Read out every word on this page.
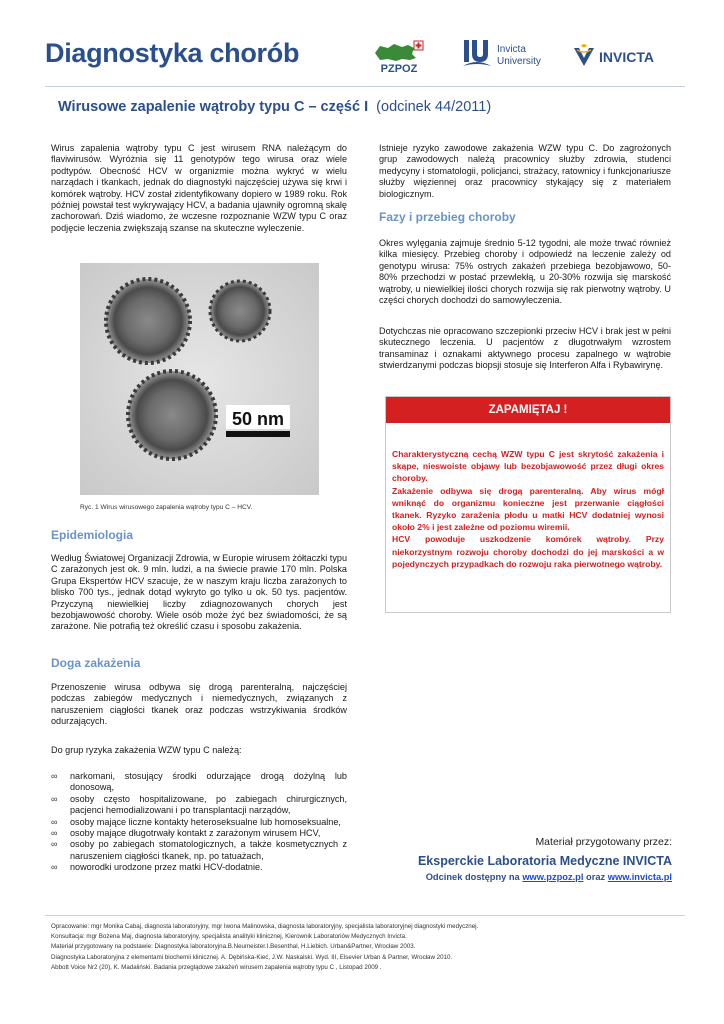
Diagnostyka chorób
PZPOZ
Invicta
University	INVICTA
Wirusowe zapalenie wątroby typu C – część I (odcinek 44/2011)
Wirus zapalenia wątroby typu C jest wirusem RNA należącym do flaviwirusów. Wyróżnia się 11 genotypów tego wirusa oraz wiele podtypów. Obecność HCV w organizmie można wykryć w wielu narządach i tkankach, jednak do diagnostyki najczęściej używa się krwi i komórek wątroby. HCV został zidentyfikowany dopiero w 1989 roku. Rok później powstał test wykrywający HCV, a badania ujawniły ogromną skalę zachorowań. Dziś wiadomo, że wczesne rozpoznanie WZW typu C oraz podjęcie leczenia zwiększają szanse na skuteczne wyleczenie.
50 nm
Ryc. 1 Wirus wirusowego zapalenia wątroby typu C – HCV.
Epidemiologia
Według Światowej Organizacji Zdrowia, w Europie wirusem żółtaczki typu C zarażonych jest ok. 9 mln. ludzi, a na świecie prawie 170 mln. Polska Grupa Ekspertów HCV szacuje, że w naszym kraju liczba zarażonych to blisko 700 tys., jednak dotąd wykryto go tylko u ok. 50 tys. pacjentów. Przyczyną niewielkiej liczby zdiagnozowanych chorych jest bezobjawowość choroby. Wiele osób może żyć bez świadomości, że są zarażone. Nie potrafią też określić czasu i sposobu zakażenia.
Doga zakażenia
Przenoszenie wirusa odbywa się drogą parenteralną, najczęściej podczas zabiegów medycznych i niemedycznych, związanych z naruszeniem ciągłości tkanek oraz podczas wstrzykiwania środków odurzających.
Do grup ryzyka zakażenia WZW typu C należą:
∞ narkomani, stosujący środki odurzające drogą dożylną lub donosową,
∞ osoby często hospitalizowane, po zabiegach chirurgicznych, pacjenci hemodializowani i po transplantacji narządów,
∞ osoby mające liczne kontakty heteroseksualne lub homoseksualne,
∞ osoby mające długotrwały kontakt z zarażonym wirusem HCV,
∞ osoby po zabiegach stomatologicznych, a także kosmetycznych z naruszeniem ciągłości tkanek, np. po tatuażach,
∞ noworodki urodzone przez matki HCV-dodatnie.
Istnieje ryzyko zawodowe zakażenia WZW typu C. Do zagrożonych grup zawodowych należą pracownicy służby zdrowia, studenci medycyny i stomatologii, policjanci, strażacy, ratownicy i funkcjonariusze służby więziennej oraz pracownicy stykający się z materiałem biologicznym.
Fazy i przebieg choroby
Okres wylęgania zajmuje średnio 5-12 tygodni, ale może trwać również kilka miesięcy. Przebieg choroby i odpowiedź na leczenie zależy od genotypu wirusa: 75% ostrych zakażeń przebiega bezobjawowo, 50-80% przechodzi w postać przewlekłą, u 20-30% rozwija się marskość wątroby, u niewielkiej ilości chorych rozwija się rak pierwotny wątroby. U części chorych dochodzi do samowyleczenia.
Dotychczas nie opracowano szczepionki przeciw HCV i brak jest w pełni skutecznego leczenia. U pacjentów z długotrwałym wzrostem transaminaz i oznakami aktywnego procesu zapalnego w wątrobie stwierdzanymi podczas biopsji stosuje się Interferon Alfa i Rybawirynę.
ZAPAMIĘTAJ !

Charakterystyczną cechą WZW typu C jest skrytość zakażenia i skąpe, nieswoiste objawy lub bezobjawowość przez długi okres choroby.

Zakażenie odbywa się drogą parenteralną. Aby wirus mógł wniknąć do organizmu konieczne jest przerwanie ciągłości tkanek. Ryzyko zarażenia płodu u matki HCV dodatniej wynosi około 2% i jest zależne od poziomu wiremii.

HCV powoduje uszkodzenie komórek wątroby. Przy niekorzystnym rozwoju choroby dochodzi do jej marskości a w pojedynczych przypadkach do rozwoju raka pierwotnego wątroby.

Materiał przygotowany przez:
Eksperckie Laboratoria Medyczne INVICTA
Odcinek dostępny na www.pzpoz.pl oraz www.invicta.pl
Opracowanie: mgr Monika Cabaj, diagnosta laboratoryjny, mgr Iwona Malinowska, diagnosta laboratoryjny, specjalista laboratoryjnej diagnostyki medycznej.
Konsultacja: mgr Bożena Maj, diagnosta laboratoryjny, specjalista analityki klinicznej, Kierownik Laboratoriów Medycznych Invicta.
Materiał przygotowany na podstawie: Diagnostyka laboratoryjna.B.Neumeister.I.Besenthal, H.Liebich. Urban&Partner, Wrocław 2003.
Diagnostyka Laboratoryjna z elementami biochemii klinicznej. A. Dębińska-Kieć, J.W. Naskalski. Wyd. III, Elsevier Urban & Partner, Wrocław 2010.
Abbott Voice Nr2 (20), K. Madaliński. Badania przeglądowe zakażeń wirusem zapalenia wątroby typu C , Listopad 2009 .
